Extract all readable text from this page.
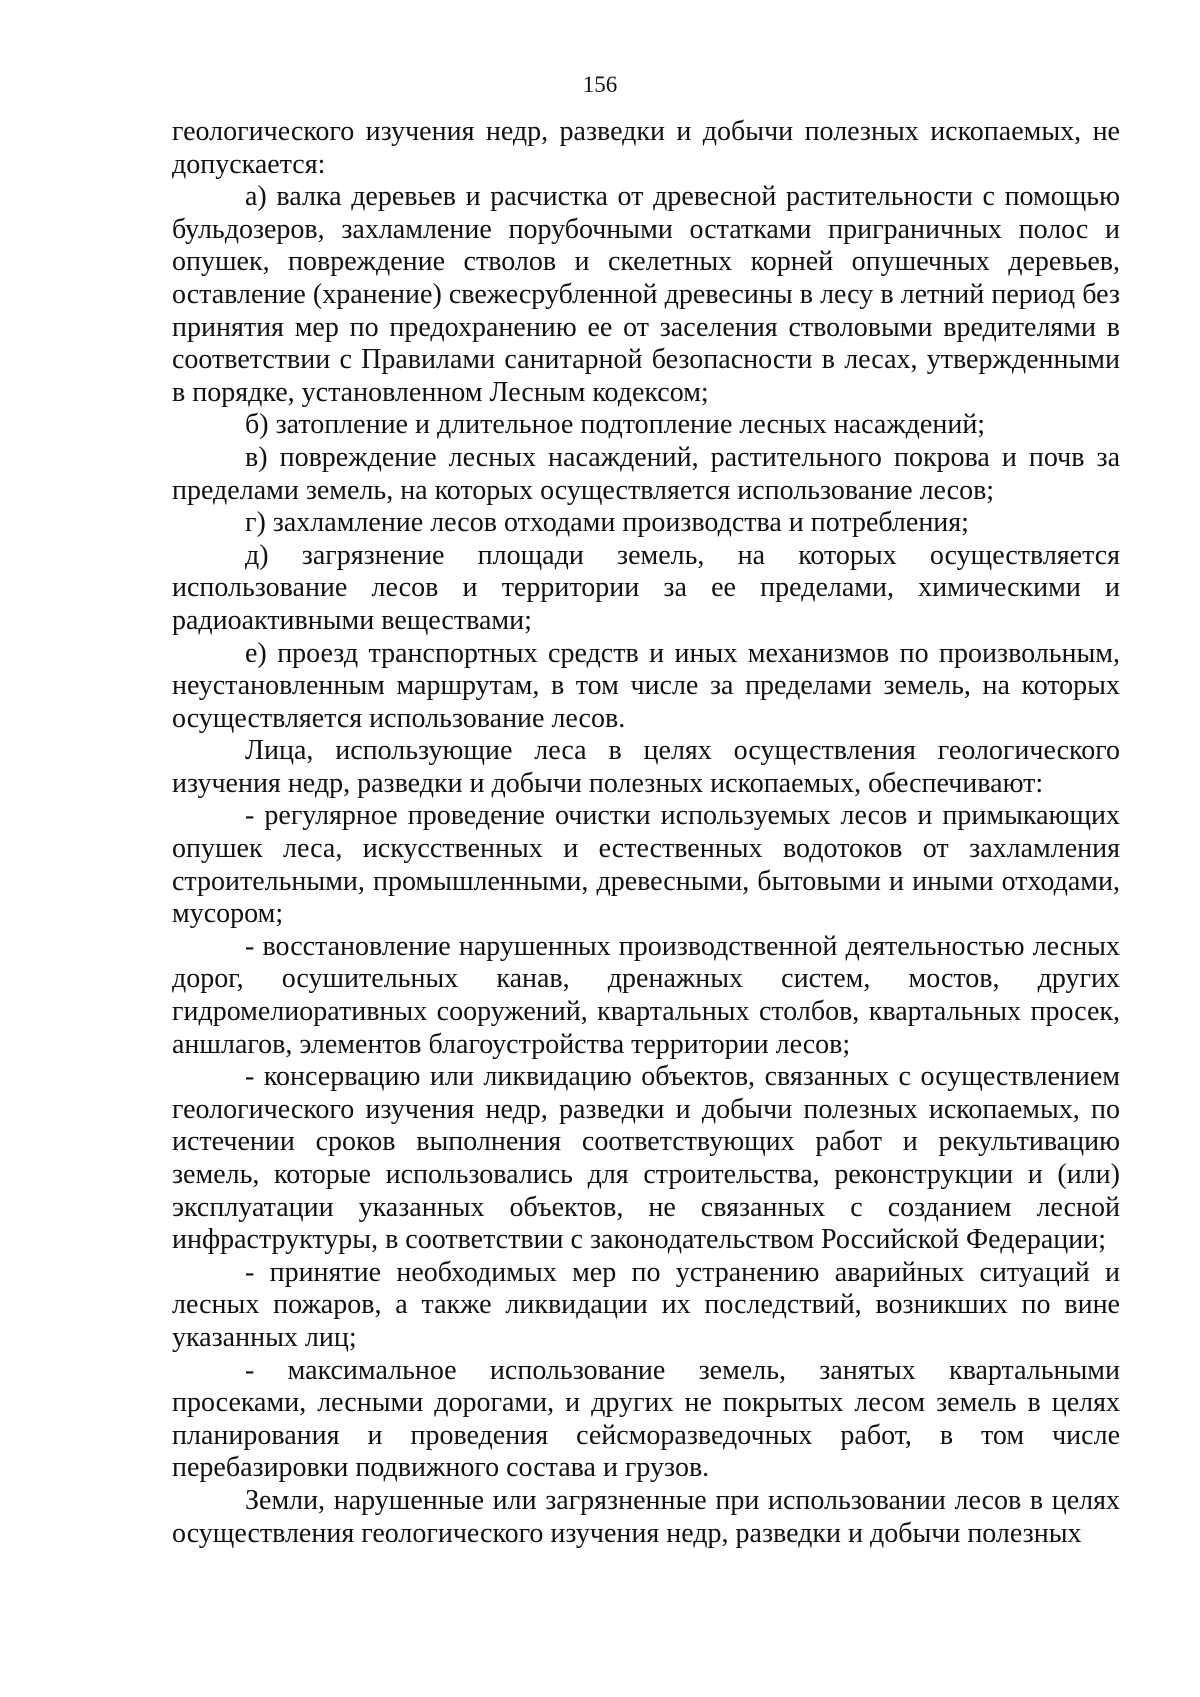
156

геологического изучения недр, разведки и добычи полезных ископаемых, не допускается:

а) валка деревьев и расчистка от древесной растительности с помощью бульдозеров, захламление порубочными остатками приграничных полос и опушек, повреждение стволов и скелетных корней опушечных деревьев, оставление (хранение) свежесрубленной древесины в лесу в летний период без принятия мер по предохранению ее от заселения стволовыми вредителями в соответствии с Правилами санитарной безопасности в лесах, утвержденными в порядке, установленном Лесным кодексом;

б) затопление и длительное подтопление лесных насаждений;

в) повреждение лесных насаждений, растительного покрова и почв за пределами земель, на которых осуществляется использование лесов;

г) захламление лесов отходами производства и потребления;

д) загрязнение площади земель, на которых осуществляется использование лесов и территории за ее пределами, химическими и радиоактивными веществами;

е) проезд транспортных средств и иных механизмов по произвольным, неустановленным маршрутам, в том числе за пределами земель, на которых осуществляется использование лесов.

Лица, использующие леса в целях осуществления геологического изучения недр, разведки и добычи полезных ископаемых, обеспечивают:

- регулярное проведение очистки используемых лесов и примыкающих опушек леса, искусственных и естественных водотоков от захламления строительными, промышленными, древесными, бытовыми и иными отходами, мусором;

- восстановление нарушенных производственной деятельностью лесных дорог, осушительных канав, дренажных систем, мостов, других гидромелиоративных сооружений, квартальных столбов, квартальных просек, аншлагов, элементов благоустройства территории лесов;

- консервацию или ликвидацию объектов, связанных с осуществлением геологического изучения недр, разведки и добычи полезных ископаемых, по истечении сроков выполнения соответствующих работ и рекультивацию земель, которые использовались для строительства, реконструкции и (или) эксплуатации указанных объектов, не связанных с созданием лесной инфраструктуры, в соответствии с законодательством Российской Федерации;

- принятие необходимых мер по устранению аварийных ситуаций и лесных пожаров, а также ликвидации их последствий, возникших по вине указанных лиц;

- максимальное использование земель, занятых квартальными просеками, лесными дорогами, и других не покрытых лесом земель в целях планирования и проведения сейсморазведочных работ, в том числе перебазировки подвижного состава и грузов.

Земли, нарушенные или загрязненные при использовании лесов в целях осуществления геологического изучения недр, разведки и добычи полезных
